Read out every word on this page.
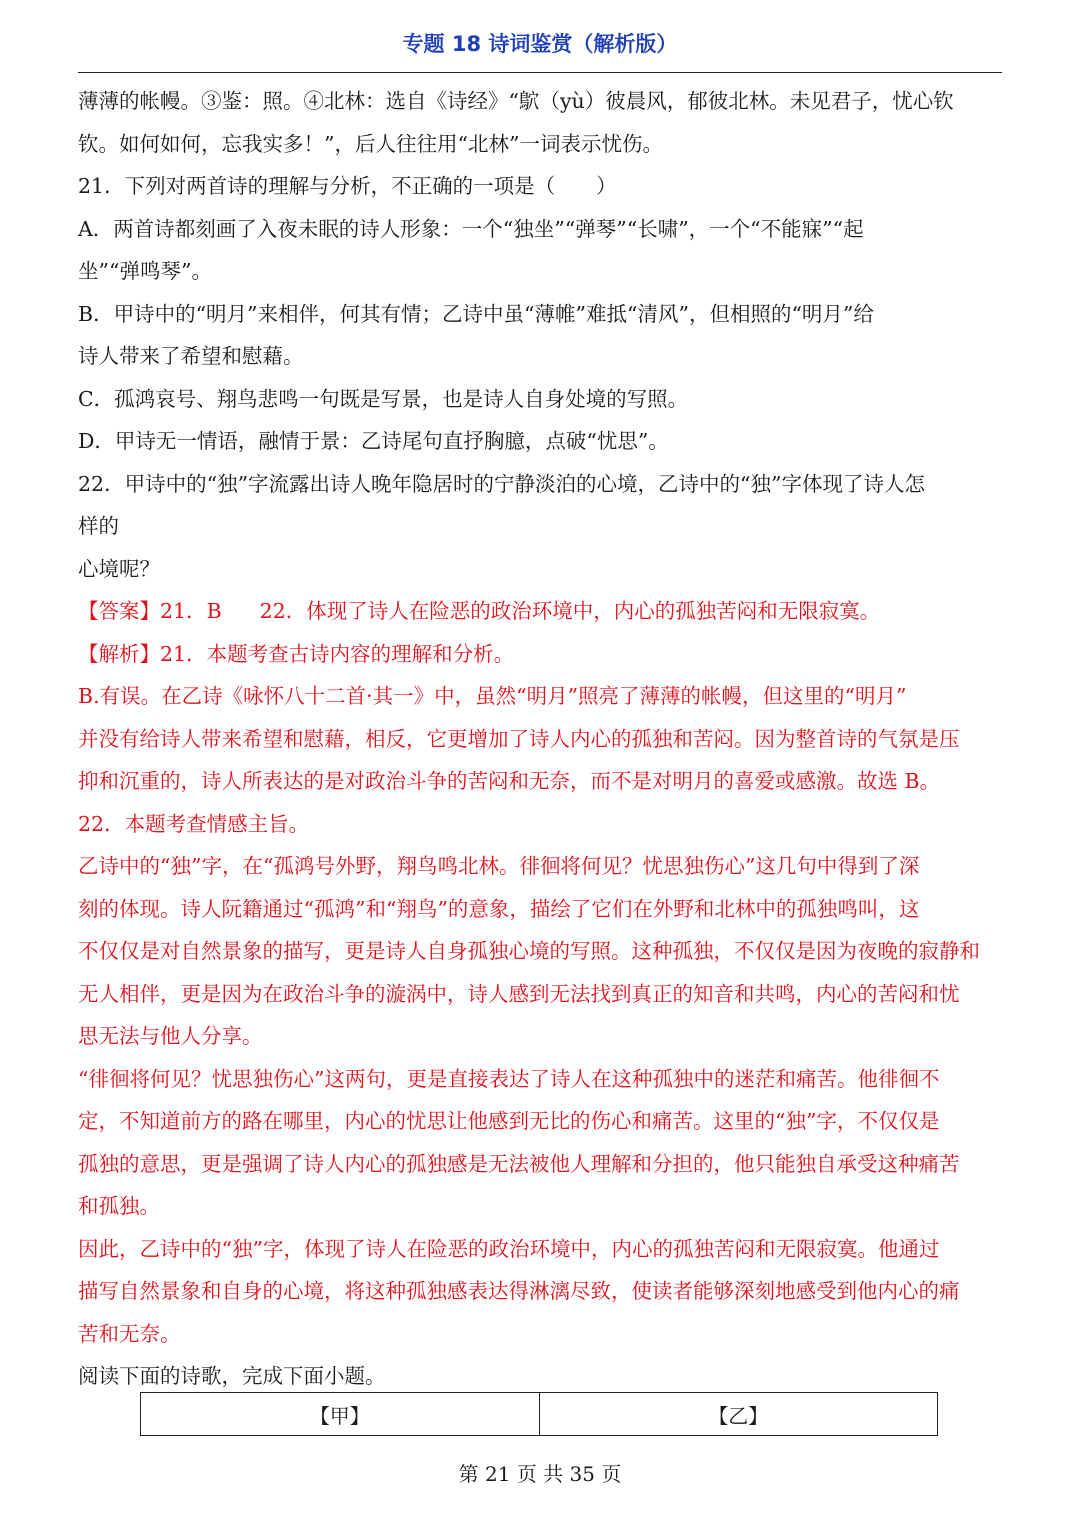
专题 18 诗词鉴赏（解析版）
薄薄的帐幔。③鉴：照。④北林：选自《诗经》“鴥（yù）彼晨风，郁彼北林。未见君子，忧心钦
钦。如何如何，忘我实多！”，后人往往用“北林”一词表示忧伤。
21．下列对两首诗的理解与分析，不正确的一项是（　　）
A．两首诗都刻画了入夜未眠的诗人形象：一个“独坐”“弹琴”“长啸”，一个“不能寐”“起
坐”“弹鸣琴”。
B．甲诗中的“明月”来相伴，何其有情；乙诗中虽“薄帷”难抵“清风”，但相照的“明月”给
诗人带来了希望和慰藉。
C．孤鸿哀号、翔鸟悲鸣一句既是写景，也是诗人自身处境的写照。
D．甲诗无一情语，融情于景：乙诗尾句直抒胸臆，点破“忧思”。
22．甲诗中的“独”字流露出诗人晚年隐居时的宁静淡泊的心境，乙诗中的“独”字体现了诗人怎
样的
心境呢？
【答案】21．B 22．体现了诗人在险恶的政治环境中，内心的孤独苦闷和无限寂寞。
【解析】21．本题考查古诗内容的理解和分析。
B.有误。在乙诗《咏怀八十二首·其一》中，虽然“明月”照亮了薄薄的帐幔，但这里的“明月”
并没有给诗人带来希望和慰藉，相反，它更增加了诗人内心的孤独和苦闷。因为整首诗的气氛是压
抑和沉重的，诗人所表达的是对政治斗争的苦闷和无奈，而不是对明月的喜爱或感激。故选 B。
22．本题考查情感主旨。
乙诗中的“独”字，在“孤鸿号外野，翔鸟鸣北林。徘徊将何见？忧思独伤心”这几句中得到了深
刻的体现。诗人阮籍通过“孤鸿”和“翔鸟”的意象，描绘了它们在外野和北林中的孤独鸣叫，这
不仅仅是对自然景象的描写，更是诗人自身孤独心境的写照。这种孤独，不仅仅是因为夜晚的寂静和
无人相伴，更是因为在政治斗争的漩涡中，诗人感到无法找到真正的知音和共鸣，内心的苦闷和忧
思无法与他人分享。
“徘徊将何见？忧思独伤心”这两句，更是直接表达了诗人在这种孤独中的迷茫和痛苦。他徘徊不
定，不知道前方的路在哪里，内心的忧思让他感到无比的伤心和痛苦。这里的“独”字，不仅仅是
孤独的意思，更是强调了诗人内心的孤独感是无法被他人理解和分担的，他只能独自承受这种痛苦
和孤独。
因此，乙诗中的“独”字，体现了诗人在险恶的政治环境中，内心的孤独苦闷和无限寂寞。他通过
描写自然景象和自身的心境，将这种孤独感表达得淋漓尽致，使读者能够深刻地感受到他内心的痛
苦和无奈。
阅读下面的诗歌，完成下面小题。
【甲】	【乙】
第 21 页 共 35 页
